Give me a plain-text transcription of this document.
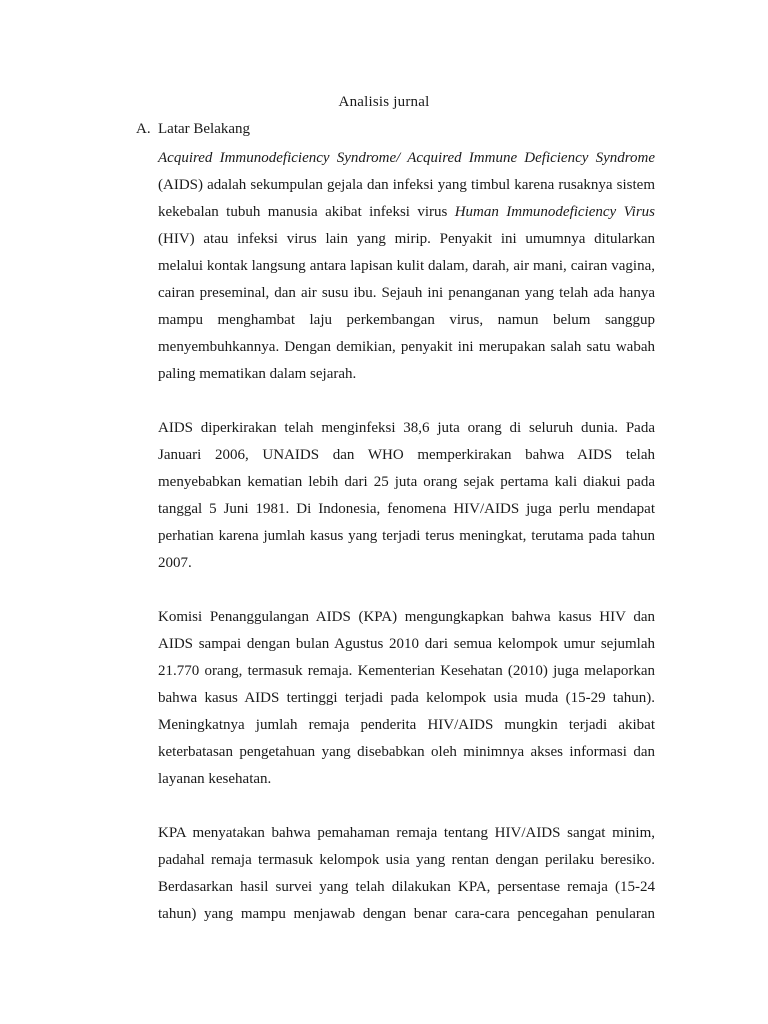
Analisis jurnal
A. Latar Belakang
Acquired Immunodeficiency Syndrome/ Acquired Immune Deficiency Syndrome
(AIDS) adalah sekumpulan gejala dan infeksi yang timbul karena rusaknya sistem
kekebalan tubuh manusia akibat infeksi virus Human Immunodeficiency Virus
(HIV) atau infeksi virus lain yang mirip. Penyakit ini umumnya ditularkan
melalui kontak langsung antara lapisan kulit dalam, darah, air mani, cairan vagina,
cairan preseminal, dan air susu ibu. Sejauh ini penanganan yang telah ada hanya
mampu menghambat laju perkembangan virus, namun belum sanggup
menyembuhkannya. Dengan demikian, penyakit ini merupakan salah satu wabah
paling mematikan dalam sejarah.
AIDS diperkirakan telah menginfeksi 38,6 juta orang di seluruh dunia. Pada
Januari 2006, UNAIDS dan WHO memperkirakan bahwa AIDS telah
menyebabkan kematian lebih dari 25 juta orang sejak pertama kali diakui pada
tanggal 5 Juni 1981. Di Indonesia, fenomena HIV/AIDS juga perlu mendapat
perhatian karena jumlah kasus yang terjadi terus meningkat, terutama pada tahun
2007.
Komisi Penanggulangan AIDS (KPA) mengungkapkan bahwa kasus HIV dan
AIDS sampai dengan bulan Agustus 2010 dari semua kelompok umur sejumlah
21.770 orang, termasuk remaja. Kementerian Kesehatan (2010) juga melaporkan
bahwa kasus AIDS tertinggi terjadi pada kelompok usia muda (15-29 tahun).
Meningkatnya jumlah remaja penderita HIV/AIDS mungkin terjadi akibat
keterbatasan pengetahuan yang disebabkan oleh minimnya akses informasi dan
layanan kesehatan.
KPA menyatakan bahwa pemahaman remaja tentang HIV/AIDS sangat minim,
padahal remaja termasuk kelompok usia yang rentan dengan perilaku beresiko.
Berdasarkan hasil survei yang telah dilakukan KPA, persentase remaja (15-24
tahun) yang mampu menjawab dengan benar cara-cara pencegahan penularan
